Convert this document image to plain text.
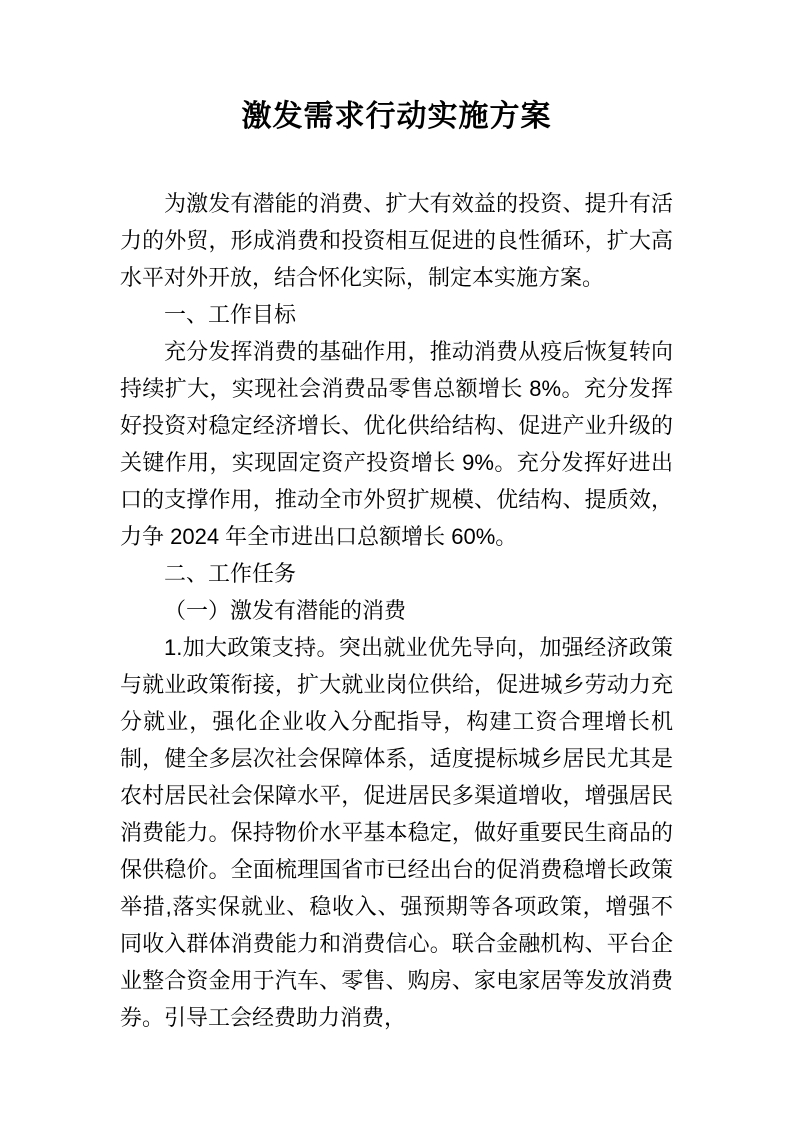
激发需求行动实施方案

为激发有潜能的消费、扩大有效益的投资、提升有活力的外贸，形成消费和投资相互促进的良性循环，扩大高水平对外开放，结合怀化实际，制定本实施方案。

一、工作目标

充分发挥消费的基础作用，推动消费从疫后恢复转向持续扩大，实现社会消费品零售总额增长 8%。充分发挥好投资对稳定经济增长、优化供给结构、促进产业升级的关键作用，实现固定资产投资增长 9%。充分发挥好进出口的支撑作用，推动全市外贸扩规模、优结构、提质效，力争 2024 年全市进出口总额增长 60%。

二、工作任务

（一）激发有潜能的消费

1.加大政策支持。突出就业优先导向，加强经济政策与就业政策衔接，扩大就业岗位供给，促进城乡劳动力充分就业，强化企业收入分配指导，构建工资合理增长机制，健全多层次社会保障体系，适度提标城乡居民尤其是农村居民社会保障水平，促进居民多渠道增收，增强居民消费能力。保持物价水平基本稳定，做好重要民生商品的保供稳价。全面梳理国省市已经出台的促消费稳增长政策举措,落实保就业、稳收入、强预期等各项政策，增强不同收入群体消费能力和消费信心。联合金融机构、平台企业整合资金用于汽车、零售、购房、家电家居等发放消费券。引导工会经费助力消费，
